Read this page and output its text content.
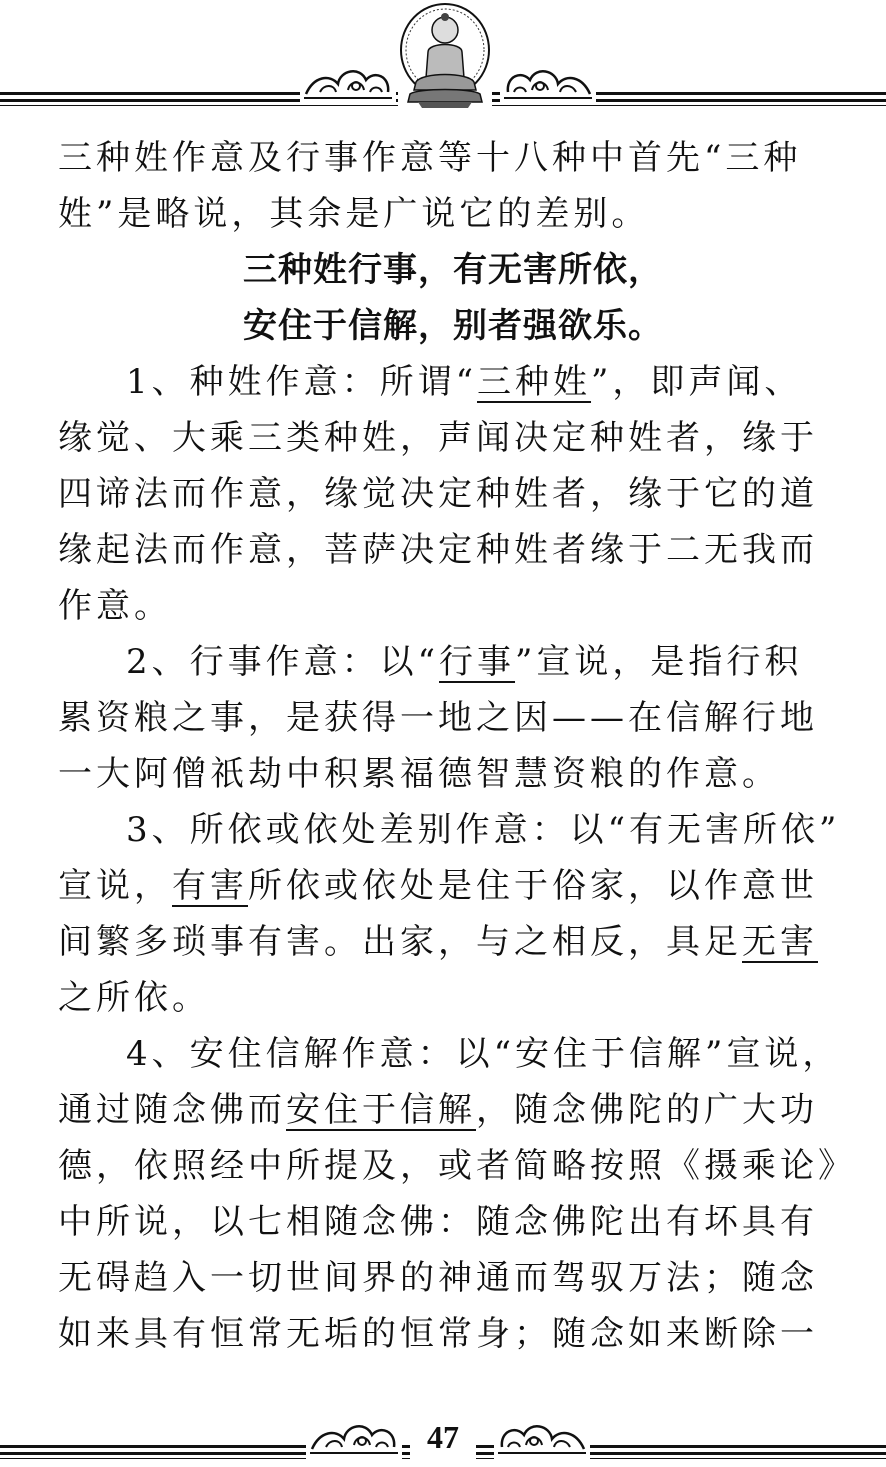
三种姓作意及行事作意等十八种中首先“三种
姓”是略说，其余是广说它的差别。
三种姓行事，有无害所依，
安住于信解，别者强欲乐。
1、种姓作意：所谓“三种姓”，即声闻、
缘觉、大乘三类种姓，声闻决定种姓者，缘于
四谛法而作意，缘觉决定种姓者，缘于它的道
缘起法而作意，菩萨决定种姓者缘于二无我而
作意。
2、行事作意：以“行事”宣说，是指行积
累资粮之事，是获得一地之因——在信解行地
一大阿僧祇劫中积累福德智慧资粮的作意。
3、所依或依处差别作意：以“有无害所依”
宣说，有害所依或依处是住于俗家，以作意世
间繁多琐事有害。出家，与之相反，具足无害
之所依。
4、安住信解作意：以“安住于信解”宣说，
通过随念佛而安住于信解，随念佛陀的广大功
德，依照经中所提及，或者简略按照《摄乘论》
中所说，以七相随念佛：随念佛陀出有坏具有
无碍趋入一切世间界的神通而驾驭万法；随念
如来具有恒常无垢的恒常身；随念如来断除一
47
